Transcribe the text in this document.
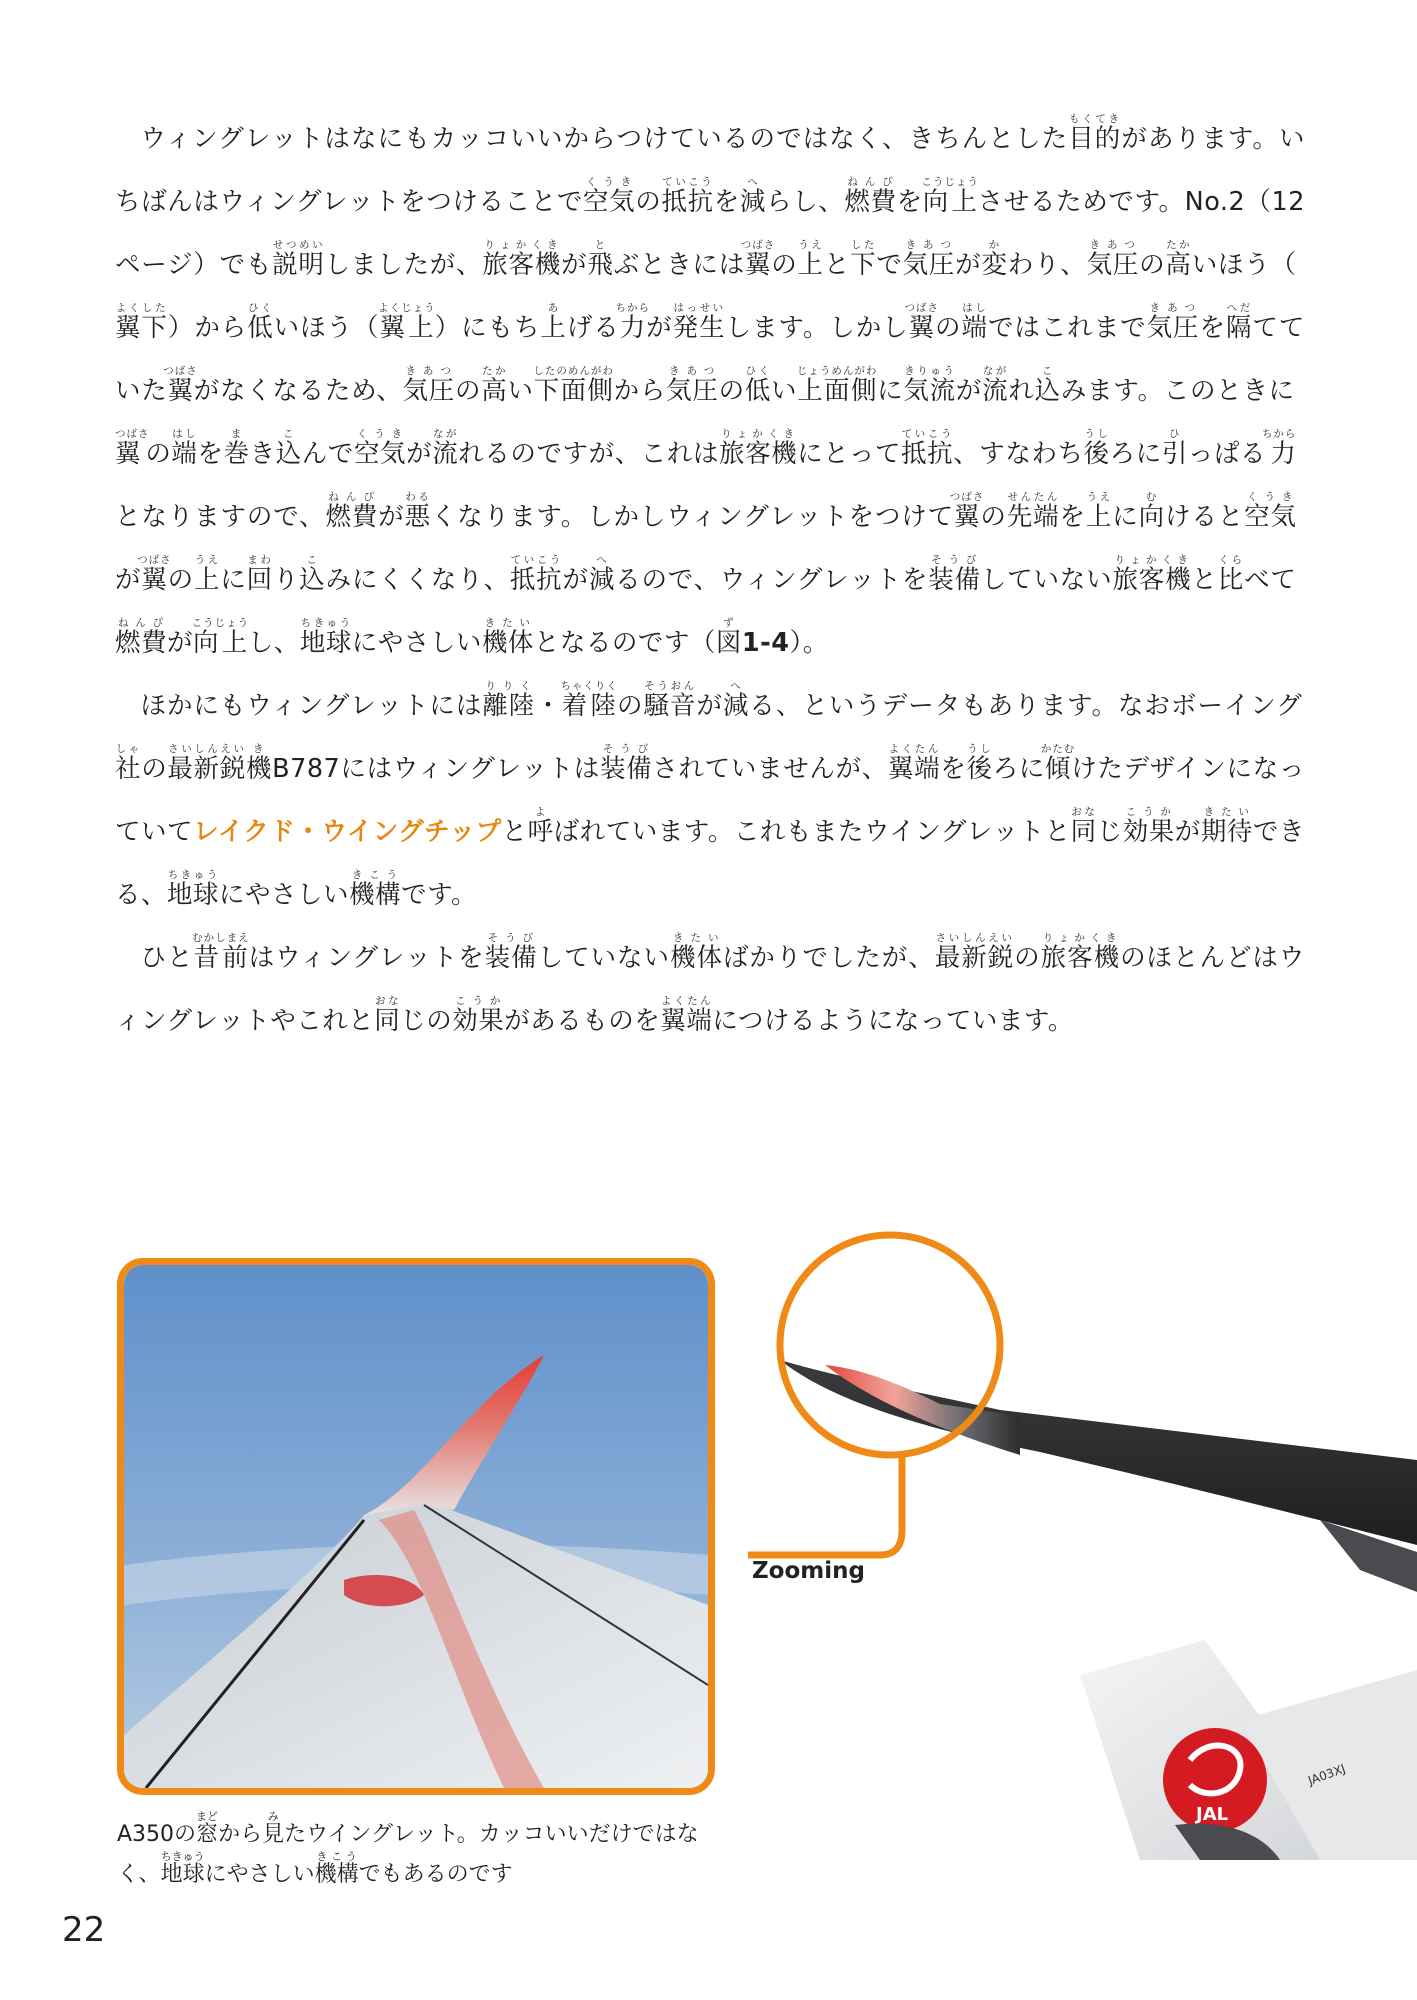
ウィングレットはなにもカッコいいからつけているのではなく、きちんとした目的もくてきがあります。いちばんはウィングレットをつけることで空気くうきの抵抗ていこうを減へらし、燃費ねんぴを向上こうじょうさせるためです。No.2（12ページ）でも説明せつめいしましたが、旅客機りょかくきが飛とぶときには翼つばさの上うえと下したで気圧きあつが変かわり、気圧きあつの高たかいほう（翼下よくした）から低ひくいほう（翼上よくじょう）にもち上あげる力ちからが発生はっせいします。しかし翼つばさの端はしではこれまで気圧きあつを隔へだてていた翼つばさがなくなるため、気圧きあつの高たかい下面側したのめんがわから気圧きあつの低ひくい上面側じょうめんがわに気流きりゅうが流ながれ込こみます。このときに翼つばさの端はしを巻まき込こんで空気くうきが流ながれるのですが、これは旅客機りょかくきにとって抵抗ていこう、すなわち後うしろに引ひっぱる力ちからとなりますので、燃費ねんぴが悪わるくなります。しかしウィングレットをつけて翼つばさの先端せんたんを上うえに向むけると空気くうきが翼つばさの上うえに回まわり込こみにくくなり、抵抗ていこうが減へるので、ウィングレットを装備そうびしていない旅客機りょかくきと比くらべて燃費ねんぴが向上こうじょうし、地球ちきゅうにやさしい機体きたいとなるのです（図ず1-4）。

ほかにもウィングレットには離陸りりく・着陸ちゃくりくの騒音そうおんが減へる、というデータもあります。なおボーイング社しゃの最新鋭さいしんえい機きB787にはウィングレットは装備そうびされていませんが、翼端よくたんを後うしろに傾かたむけたデザインになっていてレイクド・ウイングチップと呼よばれています。これもまたウイングレットと同おなじ効果こうかが期待きたいできる、地球ちきゅうにやさしい機構きこうです。

ひと昔前むかしまえはウィングレットを装備そうびしていない機体きたいばかりでしたが、最新鋭さいしんえいの旅客機りょかくきのほとんどはウィングレットやこれと同おなじの効果こうかがあるものを翼端よくたんにつけるようになっています。

JAL
JA03XJ
Zooming
A350の窓まどから見みたウイングレット。カッコいいだけではな
く、地球ちきゅうにやさしい機構きこうでもあるのです
22
